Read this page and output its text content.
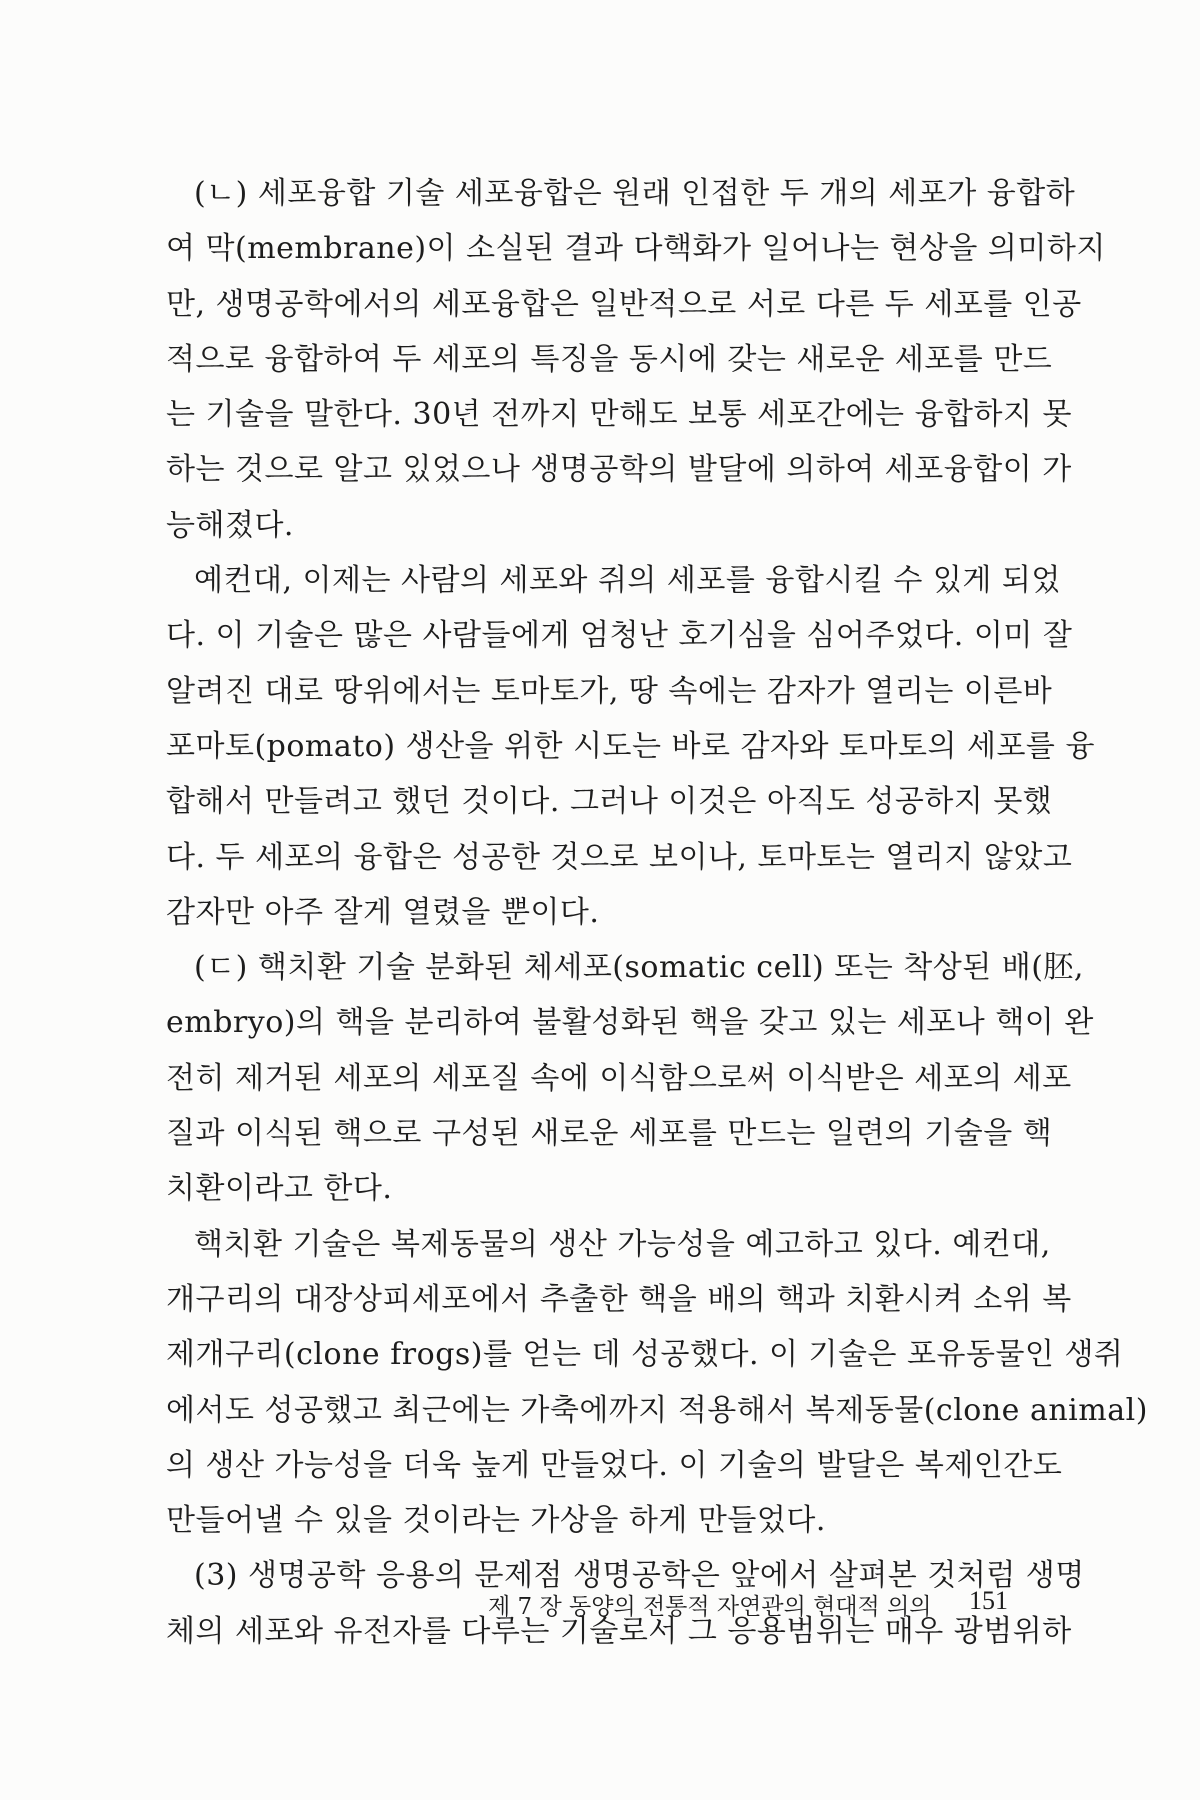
(ㄴ) 세포융합 기술 세포융합은 원래 인접한 두 개의 세포가 융합하
여 막(membrane)이 소실된 결과 다핵화가 일어나는 현상을 의미하지
만, 생명공학에서의 세포융합은 일반적으로 서로 다른 두 세포를 인공
적으로 융합하여 두 세포의 특징을 동시에 갖는 새로운 세포를 만드
는 기술을 말한다. 30년 전까지 만해도 보통 세포간에는 융합하지 못
하는 것으로 알고 있었으나 생명공학의 발달에 의하여 세포융합이 가
능해졌다.
예컨대, 이제는 사람의 세포와 쥐의 세포를 융합시킬 수 있게 되었
다. 이 기술은 많은 사람들에게 엄청난 호기심을 심어주었다. 이미 잘
알려진 대로 땅위에서는 토마토가, 땅 속에는 감자가 열리는 이른바
포마토(pomato) 생산을 위한 시도는 바로 감자와 토마토의 세포를 융
합해서 만들려고 했던 것이다. 그러나 이것은 아직도 성공하지 못했
다. 두 세포의 융합은 성공한 것으로 보이나, 토마토는 열리지 않았고
감자만 아주 잘게 열렸을 뿐이다.
(ㄷ) 핵치환 기술 분화된 체세포(somatic cell) 또는 착상된 배(胚,
embryo)의 핵을 분리하여 불활성화된 핵을 갖고 있는 세포나 핵이 완
전히 제거된 세포의 세포질 속에 이식함으로써 이식받은 세포의 세포
질과 이식된 핵으로 구성된 새로운 세포를 만드는 일련의 기술을 핵
치환이라고 한다.
핵치환 기술은 복제동물의 생산 가능성을 예고하고 있다. 예컨대,
개구리의 대장상피세포에서 추출한 핵을 배의 핵과 치환시켜 소위 복
제개구리(clone frogs)를 얻는 데 성공했다. 이 기술은 포유동물인 생쥐
에서도 성공했고 최근에는 가축에까지 적용해서 복제동물(clone animal)
의 생산 가능성을 더욱 높게 만들었다. 이 기술의 발달은 복제인간도
만들어낼 수 있을 것이라는 가상을 하게 만들었다.
(3) 생명공학 응용의 문제점 생명공학은 앞에서 살펴본 것처럼 생명
체의 세포와 유전자를 다루는 기술로서 그 응용범위는 매우 광범위하
제 7 장 동양의 전통적 자연관의 현대적 의의 151
